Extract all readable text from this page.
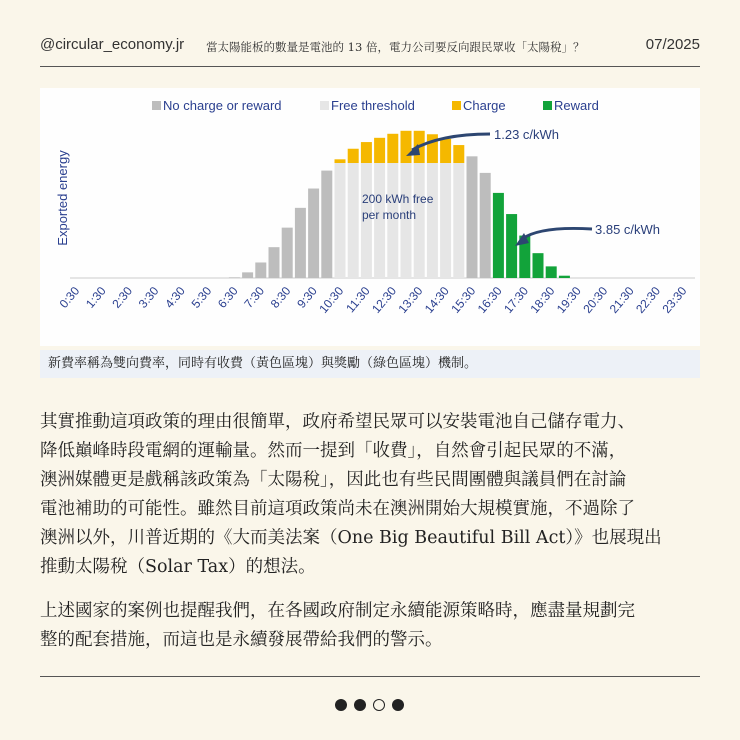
@circular_economy.jr 當太陽能板的數量是電池的 13 倍，電力公司要反向跟民眾收「太陽稅」？	07/2025
No charge or reward	Free threshold	Charge	Reward
Exported energy
0:30 1:30 2:30 3:30 4:30 5:30 6:30 7:30 8:30 9:30
10:30
11:30
12:30
13:30
14:30
15:30
16:30
17:30
18:30
19:30
20:30
21:30
22:30
23:30
200 kWh free
per month
1.23 c/kWh
3.85 c/kWh
新費率稱為雙向費率，同時有收費（黃色區塊）與獎勵（綠色區塊）機制。
其實推動這項政策的理由很簡單，政府希望民眾可以安裝電池自己儲存電力、
降低巔峰時段電網的運輸量。然而一提到「收費」，自然會引起民眾的不滿，
澳洲媒體更是戲稱該政策為「太陽稅」，因此也有些民間團體與議員們在討論
電池補助的可能性。雖然目前這項政策尚未在澳洲開始大規模實施，不過除了
澳洲以外，川普近期的《大而美法案（One Big Beautiful Bill Act）》也展現出
推動太陽稅（Solar Tax）的想法。
上述國家的案例也提醒我們，在各國政府制定永續能源策略時，應盡量規劃完
整的配套措施，而這也是永續發展帶給我們的警示。
